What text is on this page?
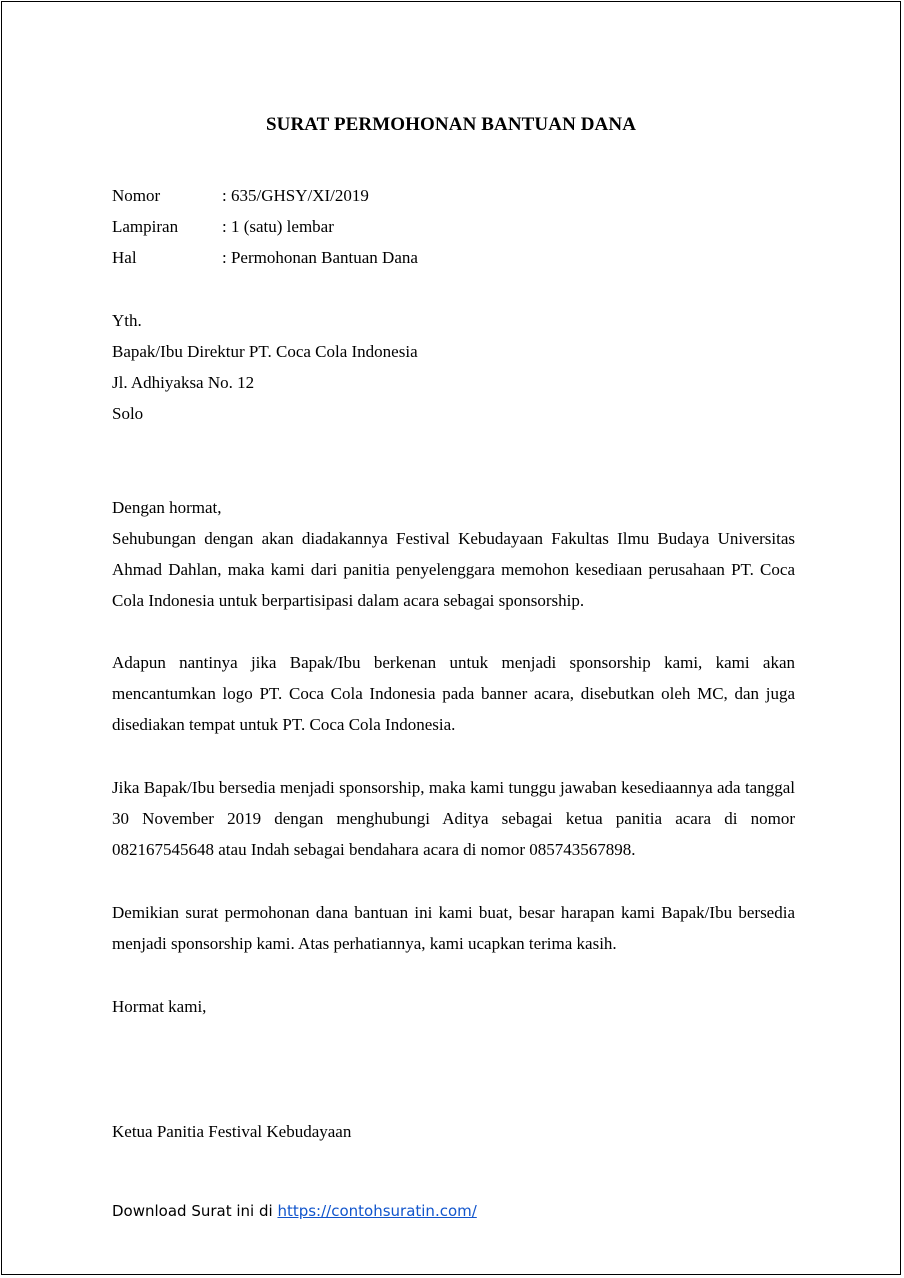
SURAT PERMOHONAN BANTUAN DANA
Nomor	: 635/GHSY/XI/2019
Lampiran	: 1 (satu) lembar
Hal	: Permohonan Bantuan Dana
Yth.
Bapak/Ibu Direktur PT. Coca Cola Indonesia
Jl. Adhiyaksa No. 12
Solo
Dengan hormat,
Sehubungan dengan akan diadakannya Festival Kebudayaan Fakultas Ilmu Budaya Universitas Ahmad Dahlan, maka kami dari panitia penyelenggara memohon kesediaan perusahaan PT. Coca Cola Indonesia untuk berpartisipasi dalam acara sebagai sponsorship.
Adapun nantinya jika Bapak/Ibu berkenan untuk menjadi sponsorship kami, kami akan mencantumkan logo PT. Coca Cola Indonesia pada banner acara, disebutkan oleh MC, dan juga disediakan tempat untuk PT. Coca Cola Indonesia.
Jika Bapak/Ibu bersedia menjadi sponsorship, maka kami tunggu jawaban kesediaannya ada tanggal 30 November 2019 dengan menghubungi Aditya sebagai ketua panitia acara di nomor 082167545648 atau Indah sebagai bendahara acara di nomor 085743567898.
Demikian surat permohonan dana bantuan ini kami buat, besar harapan kami Bapak/Ibu bersedia menjadi sponsorship kami. Atas perhatiannya, kami ucapkan terima kasih.
Hormat kami,
Ketua Panitia Festival Kebudayaan
Download Surat ini di https://contohsuratin.com/
